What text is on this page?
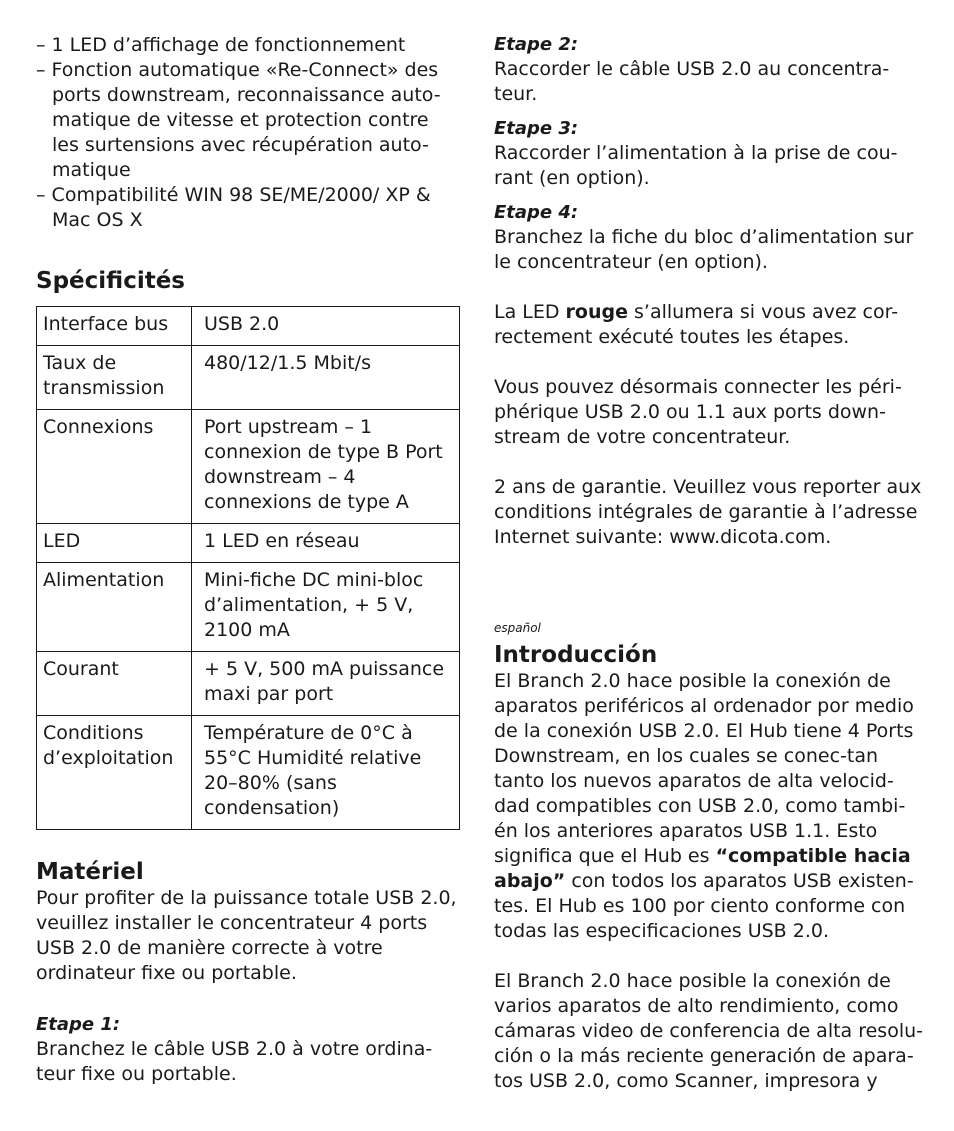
– 1 LED d’affichage de fonctionnement
– Fonction automatique «Re-Connect» des ports downstream, reconnaissance auto-matique de vitesse et protection contre les surtensions avec récupération auto-matique
– Compatibilité WIN 98 SE/ME/2000/ XP & Mac OS X
Spécificités
Interface bus	USB 2.0
Taux de transmission	480/12/1.5 Mbit/s
Connexions	Port upstream – 1 connexion de type B Port downstream – 4 connexions de type A
LED	1 LED en réseau
Alimentation	Mini-fiche DC mini-bloc d’alimentation, + 5 V, 2100 mA
Courant	+ 5 V, 500 mA puissance maxi par port
Conditions d’exploitation	Température de 0°C à 55°C Humidité relative 20–80% (sans condensation)
Matériel

Pour profiter de la puissance totale USB 2.0, veuillez installer le concentrateur 4 ports USB 2.0 de manière correcte à votre ordinateur fixe ou portable.

Etape 1:

Branchez le câble USB 2.0 à votre ordina-teur fixe ou portable.

Etape 2:

Raccorder le câble USB 2.0 au concentra-teur.

Etape 3:

Raccorder l’alimentation à la prise de cou-rant (en option).

Etape 4:

Branchez la fiche du bloc d’alimentation sur le concentrateur (en option).

La LED rouge s’allumera si vous avez cor-rectement exécuté toutes les étapes.

Vous pouvez désormais connecter les péri-phérique USB 2.0 ou 1.1 aux ports down-stream de votre concentrateur.

2 ans de garantie. Veuillez vous reporter aux conditions intégrales de garantie à l’adresse Internet suivante: www.dicota.com.

español
Introducción

El Branch 2.0 hace posible la conexión de aparatos periféricos al ordenador por medio de la conexión USB 2.0. El Hub tiene 4 Ports Downstream, en los cuales se conec-tan tanto los nuevos aparatos de alta velocid-dad compatibles con USB 2.0, como tambi-én los anteriores aparatos USB 1.1. Esto significa que el Hub es “compatible hacia abajo” con todos los aparatos USB existen-tes. El Hub es 100 por ciento conforme con todas las especificaciones USB 2.0.

El Branch 2.0 hace posible la conexión de varios aparatos de alto rendimiento, como cámaras video de conferencia de alta resolu-ción o la más reciente generación de apara-tos USB 2.0, como Scanner, impresora y
